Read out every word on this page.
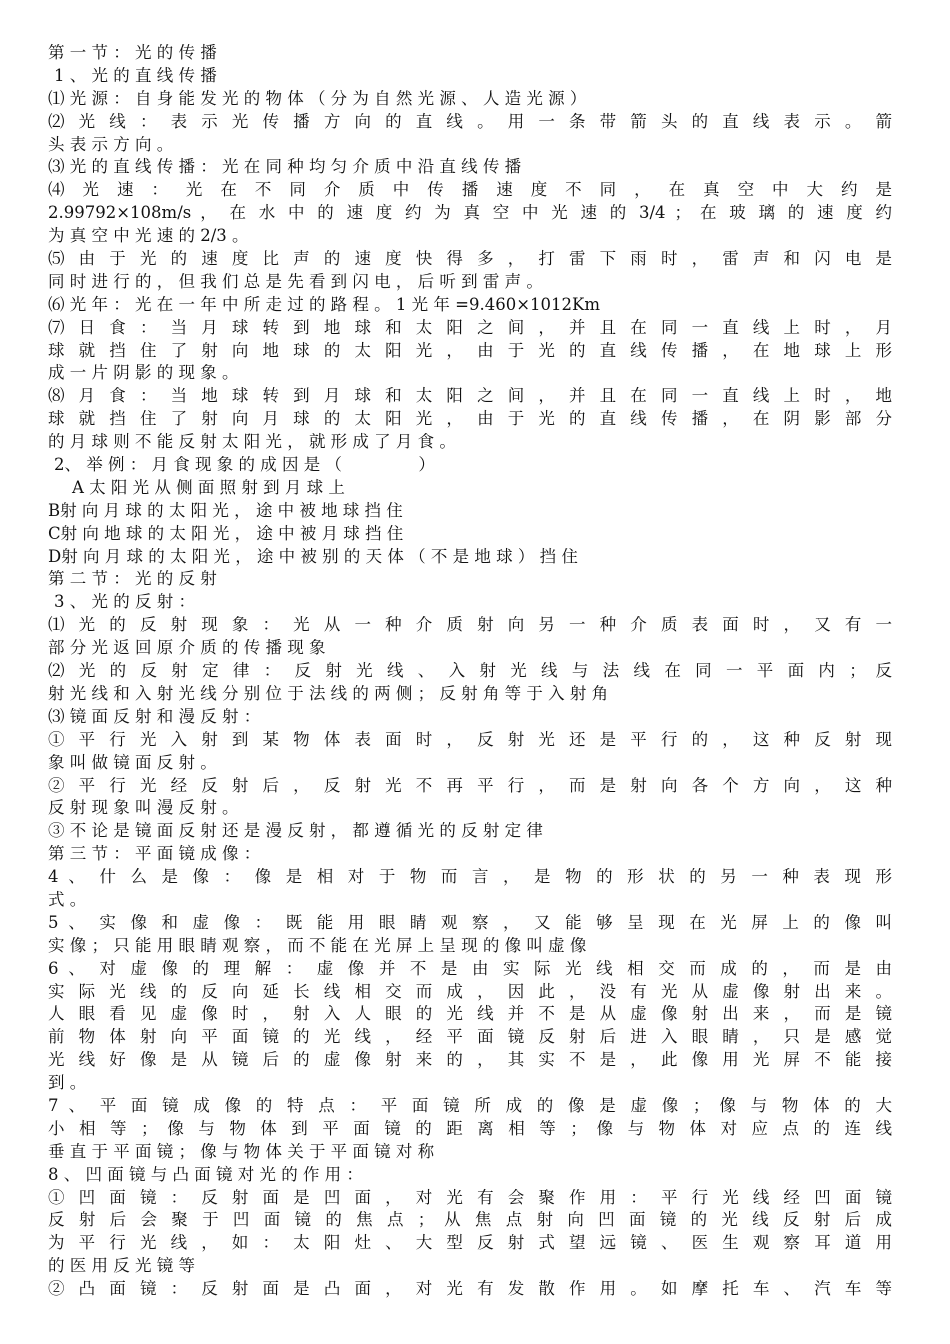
第 一 节 ： 光 的 传 播
1 、 光 的 直 线 传 播
⑴ 光 源 ： 自 身 能 发 光 的 物 体 （ 分 为 自 然 光 源 、 人 造 光 源 ）
⑵ 光 线 ： 表 示 光 传 播 方 向 的 直 线 。 用 一 条 带 箭 头 的 直 线 表 示 。 箭
头 表 示 方 向 。
⑶ 光 的 直 线 传 播 ： 光 在 同 种 均 匀 介 质 中 沿 直 线 传 播
⑷ 光 速 ： 光 在 不 同 介 质 中 传 播 速 度 不 同 ， 在 真 空 中 大 约 是
2.99792×108m/s ， 在 水 中 的 速 度 约 为 真 空 中 光 速 的 3/4 ； 在 玻 璃 的 速 度 约
为 真 空 中 光 速 的 2/3 。
⑸ 由 于 光 的 速 度 比 声 的 速 度 快 得 多 ， 打 雷 下 雨 时 ， 雷 声 和 闪 电 是
同 时 进 行 的 ， 但 我 们 总 是 先 看 到 闪 电 ， 后 听 到 雷 声 。
⑹ 光 年 ： 光 在 一 年 中 所 走 过 的 路 程 。 1 光 年 =9.460×1012Km
⑺ 日 食 ： 当 月 球 转 到 地 球 和 太 阳 之 间 ， 并 且 在 同 一 直 线 上 时 ， 月
球 就 挡 住 了 射 向 地 球 的 太 阳 光 ， 由 于 光 的 直 线 传 播 ， 在 地 球 上 形
成 一 片 阴 影 的 现 象 。
⑻ 月 食 ： 当 地 球 转 到 月 球 和 太 阳 之 间 ， 并 且 在 同 一 直 线 上 时 ， 地
球 就 挡 住 了 射 向 月 球 的 太 阳 光 ， 由 于 光 的 直 线 传 播 ， 在 阴 影 部 分
的 月 球 则 不 能 反 射 太 阳 光 ， 就 形 成 了 月 食 。
2、 举 例 ： 月 食 现 象 的 成 因 是 （ 　　　　 ）
A 太 阳 光 从 侧 面 照 射 到 月 球 上
B射 向 月 球 的 太 阳 光 ， 途 中 被 地 球 挡 住
C射 向 地 球 的 太 阳 光 ， 途 中 被 月 球 挡 住
D射 向 月 球 的 太 阳 光 ， 途 中 被 别 的 天 体 （ 不 是 地 球 ） 挡 住
第 二 节 ： 光 的 反 射
3 、 光 的 反 射 ：
⑴ 光 的 反 射 现 象 ： 光 从 一 种 介 质 射 向 另 一 种 介 质 表 面 时 ， 又 有 一
部 分 光 返 回 原 介 质 的 传 播 现 象
⑵ 光 的 反 射 定 律 ： 反 射 光 线 、 入 射 光 线 与 法 线 在 同 一 平 面 内 ； 反
射 光 线 和 入 射 光 线 分 别 位 于 法 线 的 两 侧 ； 反 射 角 等 于 入 射 角
⑶ 镜 面 反 射 和 漫 反 射 ：
① 平 行 光 入 射 到 某 物 体 表 面 时 ， 反 射 光 还 是 平 行 的 ， 这 种 反 射 现
象 叫 做 镜 面 反 射 。
② 平 行 光 经 反 射 后 ， 反 射 光 不 再 平 行 ， 而 是 射 向 各 个 方 向 ， 这 种
反 射 现 象 叫 漫 反 射 。
③ 不 论 是 镜 面 反 射 还 是 漫 反 射 ， 都 遵 循 光 的 反 射 定 律
第 三 节 ： 平 面 镜 成 像 ：
4 、 什 么 是 像 ： 像 是 相 对 于 物 而 言 ， 是 物 的 形 状 的 另 一 种 表 现 形
式 。
5 、 实 像 和 虚 像 ： 既 能 用 眼 睛 观 察 ， 又 能 够 呈 现 在 光 屏 上 的 像 叫
实 像 ； 只 能 用 眼 睛 观 察 ， 而 不 能 在 光 屏 上 呈 现 的 像 叫 虚 像
6 、 对 虚 像 的 理 解 ： 虚 像 并 不 是 由 实 际 光 线 相 交 而 成 的 ， 而 是 由
实 际 光 线 的 反 向 延 长 线 相 交 而 成 ， 因 此 ， 没 有 光 从 虚 像 射 出 来 。
人 眼 看 见 虚 像 时 ， 射 入 人 眼 的 光 线 并 不 是 从 虚 像 射 出 来 ， 而 是 镜
前 物 体 射 向 平 面 镜 的 光 线 ， 经 平 面 镜 反 射 后 进 入 眼 睛 ， 只 是 感 觉
光 线 好 像 是 从 镜 后 的 虚 像 射 来 的 ， 其 实 不 是 ， 此 像 用 光 屏 不 能 接
到 。
7 、 平 面 镜 成 像 的 特 点 ： 平 面 镜 所 成 的 像 是 虚 像 ； 像 与 物 体 的 大
小 相 等 ； 像 与 物 体 到 平 面 镜 的 距 离 相 等 ； 像 与 物 体 对 应 点 的 连 线
垂 直 于 平 面 镜 ； 像 与 物 体 关 于 平 面 镜 对 称
8 、 凹 面 镜 与 凸 面 镜 对 光 的 作 用 ：
① 凹 面 镜 ： 反 射 面 是 凹 面 ， 对 光 有 会 聚 作 用 ： 平 行 光 线 经 凹 面 镜
反 射 后 会 聚 于 凹 面 镜 的 焦 点 ； 从 焦 点 射 向 凹 面 镜 的 光 线 反 射 后 成
为 平 行 光 线 ， 如 ： 太 阳 灶 、 大 型 反 射 式 望 远 镜 、 医 生 观 察 耳 道 用
的 医 用 反 光 镜 等
② 凸 面 镜 ： 反 射 面 是 凸 面 ， 对 光 有 发 散 作 用 。 如 摩 托 车 、 汽 车 等
